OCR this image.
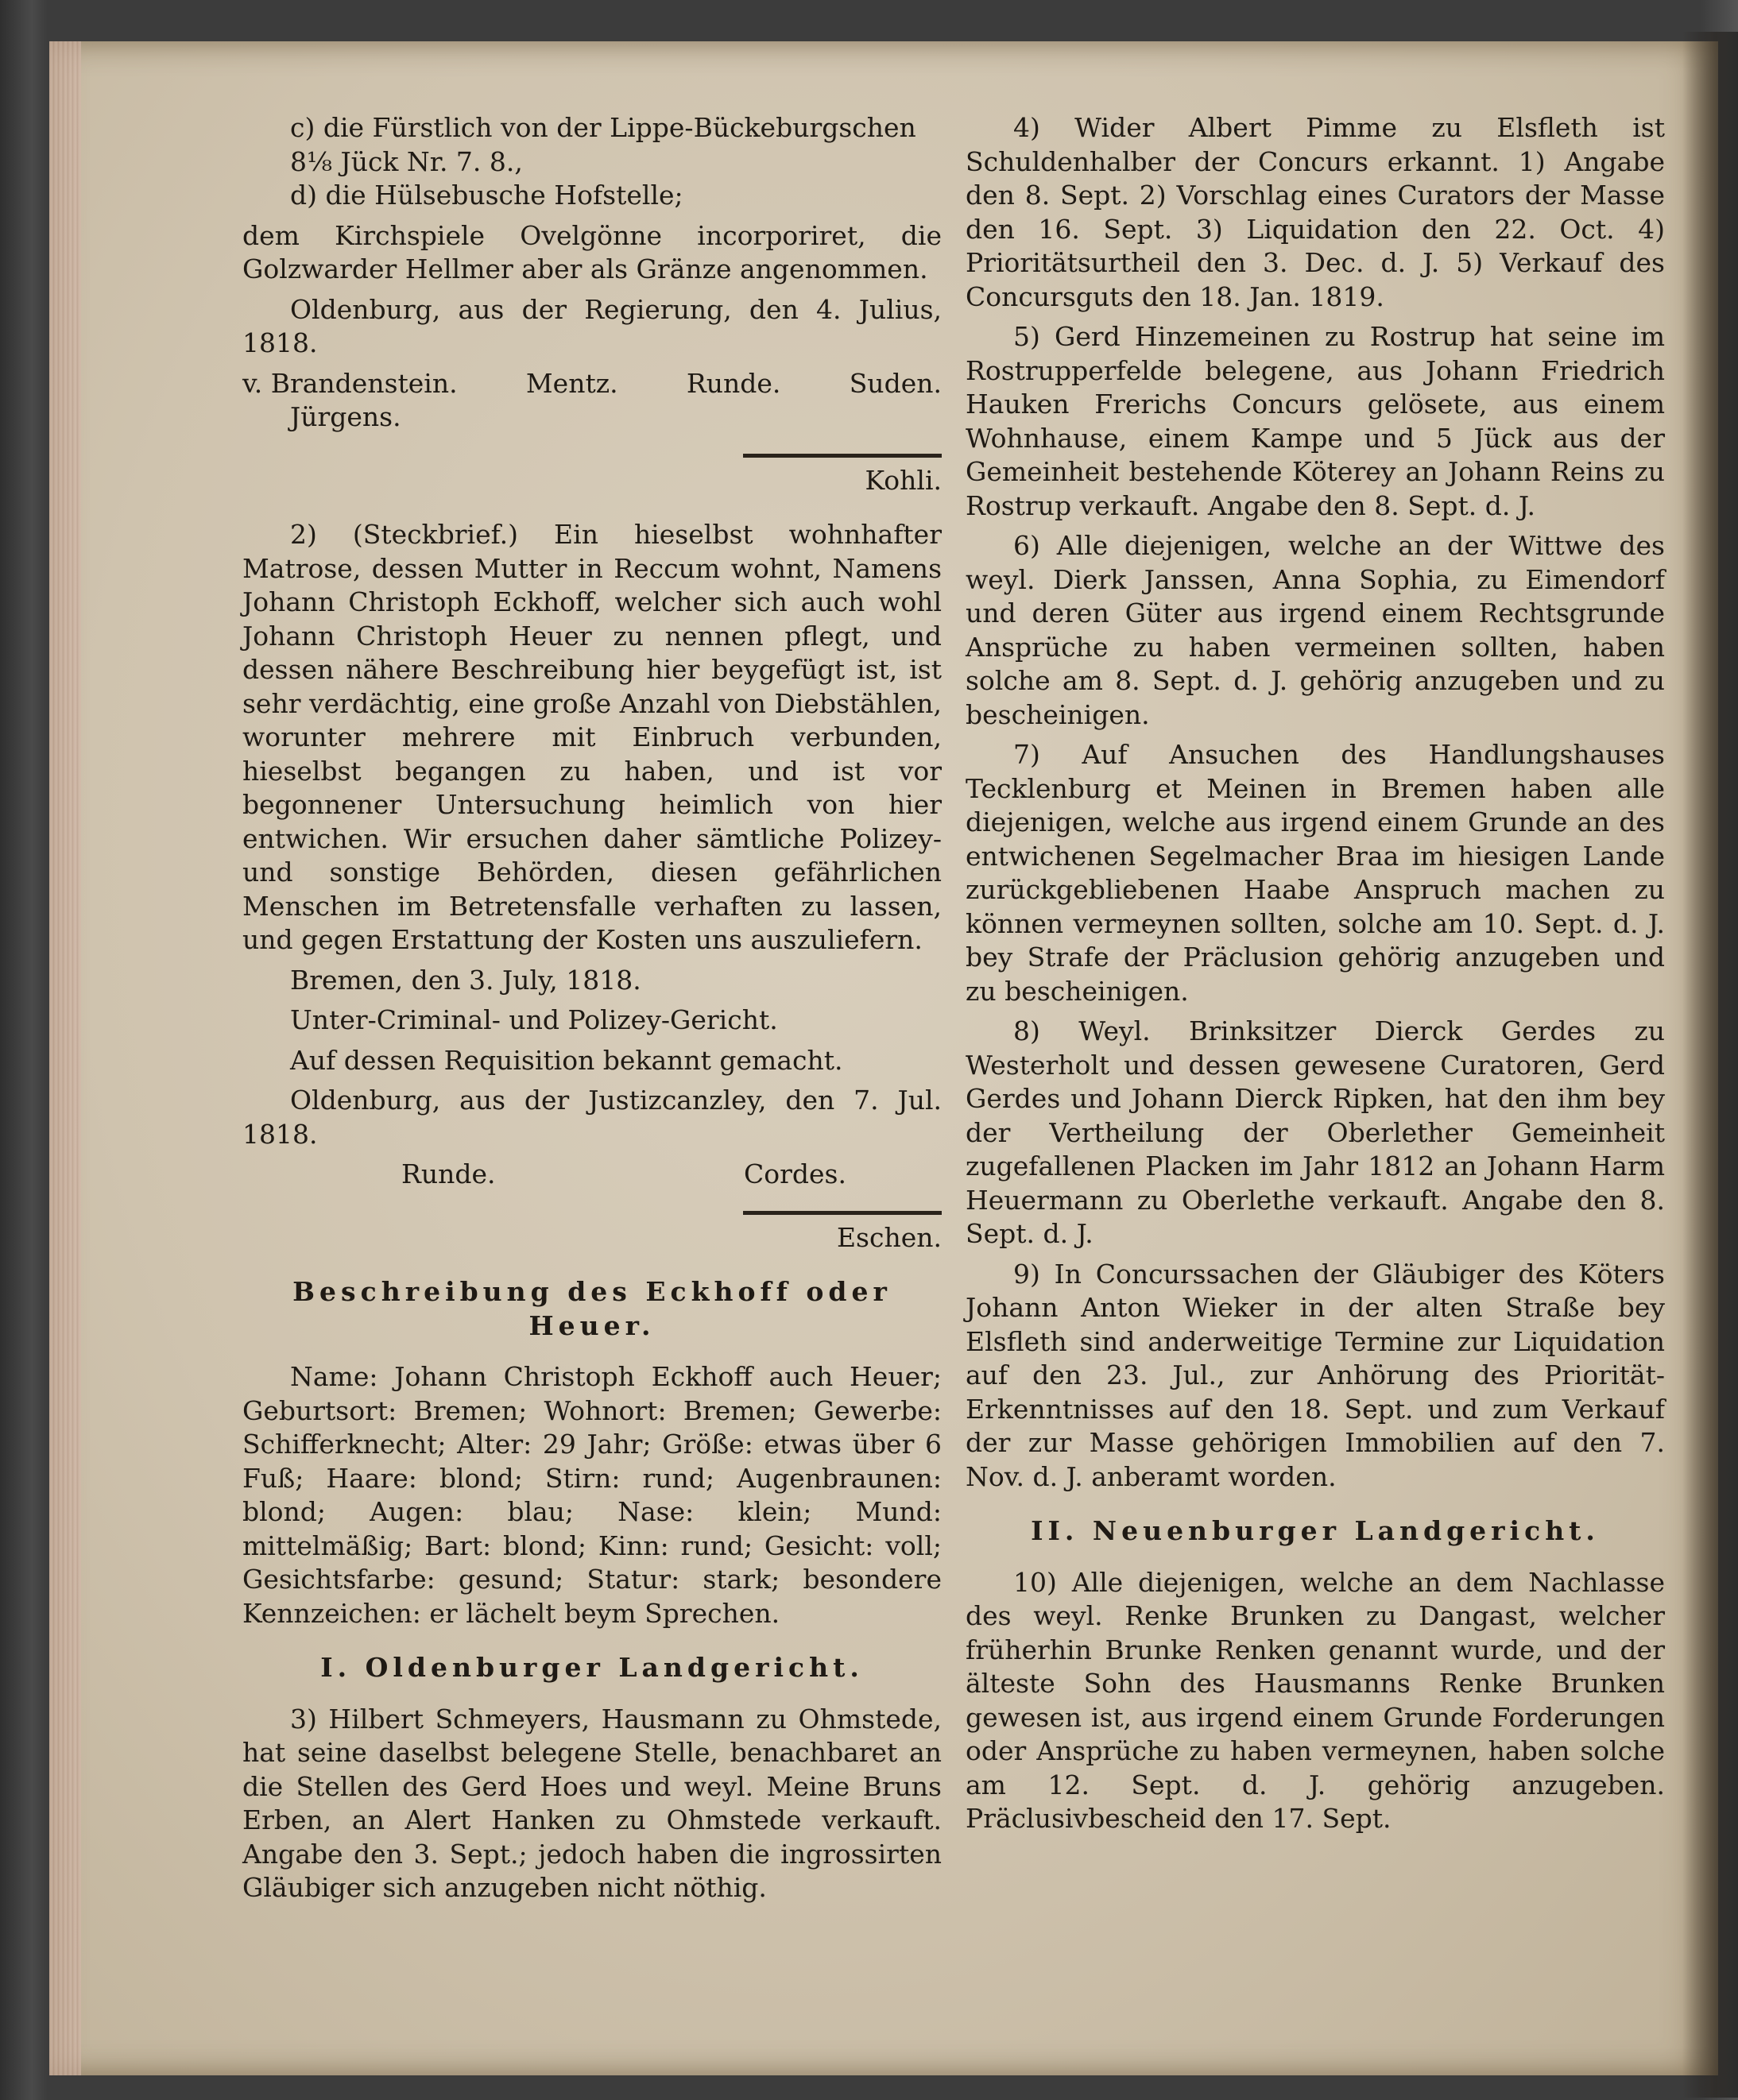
c) die Fürstlich von der Lippe-Bückeburgschen
8⅛ Jück Nr. 7. 8.,
d) die Hülsebusche Hofstelle;

dem Kirchspiele Ovelgönne incorporiret, die Golzwarder Hellmer aber als Gränze angenommen.

Oldenburg, aus der Regierung, den 4. Julius, 1818.

v. Brandenstein.	Mentz.	Runde.	Suden.

Jürgens.

Kohli.

2) (Steckbrief.) Ein hieselbst wohnhafter Matrose, dessen Mutter in Reccum wohnt, Namens Johann Christoph Eckhoff, welcher sich auch wohl Johann Christoph Heuer zu nennen pflegt, und dessen nähere Beschreibung hier beygefügt ist, ist sehr verdächtig, eine große Anzahl von Diebstählen, worunter mehrere mit Einbruch verbunden, hieselbst begangen zu haben, und ist vor begonnener Untersuchung heimlich von hier entwichen. Wir ersuchen daher sämtliche Polizey- und sonstige Behörden, diesen gefährlichen Menschen im Betretensfalle verhaften zu lassen, und gegen Erstattung der Kosten uns auszuliefern.

Bremen, den 3. July, 1818.

Unter-Criminal- und Polizey-Gericht.

Auf dessen Requisition bekannt gemacht.

Oldenburg, aus der Justizcanzley, den 7. Jul. 1818.

Runde.	Cordes.

Eschen.

Beschreibung des Eckhoff oder Heuer.

Name: Johann Christoph Eckhoff auch Heuer; Geburtsort: Bremen; Wohnort: Bremen; Gewerbe: Schifferknecht; Alter: 29 Jahr; Größe: etwas über 6 Fuß; Haare: blond; Stirn: rund; Augenbraunen: blond; Augen: blau; Nase: klein; Mund: mittelmäßig; Bart: blond; Kinn: rund; Gesicht: voll; Gesichtsfarbe: gesund; Statur: stark; besondere Kennzeichen: er lächelt beym Sprechen.

I. Oldenburger Landgericht.

3) Hilbert Schmeyers, Hausmann zu Ohmstede, hat seine daselbst belegene Stelle, benachbaret an die Stellen des Gerd Hoes und weyl. Meine Bruns Erben, an Alert Hanken zu Ohmstede verkauft. Angabe den 3. Sept.; jedoch haben die ingrossirten Gläubiger sich anzugeben nicht nöthig.

4) Wider Albert Pimme zu Elsfleth ist Schuldenhalber der Concurs erkannt. 1) Angabe den 8. Sept. 2) Vorschlag eines Curators der Masse den 16. Sept. 3) Liquidation den 22. Oct. 4) Prioritätsurtheil den 3. Dec. d. J. 5) Verkauf des Concursguts den 18. Jan. 1819.

5) Gerd Hinzemeinen zu Rostrup hat seine im Rostrupperfelde belegene, aus Johann Friedrich Hauken Frerichs Concurs gelösete, aus einem Wohnhause, einem Kampe und 5 Jück aus der Gemeinheit bestehende Köterey an Johann Reins zu Rostrup verkauft. Angabe den 8. Sept. d. J.

6) Alle diejenigen, welche an der Wittwe des weyl. Dierk Janssen, Anna Sophia, zu Eimendorf und deren Güter aus irgend einem Rechtsgrunde Ansprüche zu haben vermeinen sollten, haben solche am 8. Sept. d. J. gehörig anzugeben und zu bescheinigen.

7) Auf Ansuchen des Handlungshauses Tecklenburg et Meinen in Bremen haben alle diejenigen, welche aus irgend einem Grunde an des entwichenen Segelmacher Braa im hiesigen Lande zurückgebliebenen Haabe Anspruch machen zu können vermeynen sollten, solche am 10. Sept. d. J. bey Strafe der Präclusion gehörig anzugeben und zu bescheinigen.

8) Weyl. Brinksitzer Dierck Gerdes zu Westerholt und dessen gewesene Curatoren, Gerd Gerdes und Johann Dierck Ripken, hat den ihm bey der Vertheilung der Oberlether Gemeinheit zugefallenen Placken im Jahr 1812 an Johann Harm Heuermann zu Oberlethe verkauft. Angabe den 8. Sept. d. J.

9) In Concurssachen der Gläubiger des Köters Johann Anton Wieker in der alten Straße bey Elsfleth sind anderweitige Termine zur Liquidation auf den 23. Jul., zur Anhörung des Priorität-Erkenntnisses auf den 18. Sept. und zum Verkauf der zur Masse gehörigen Immobilien auf den 7. Nov. d. J. anberamt worden.

II. Neuenburger Landgericht.

10) Alle diejenigen, welche an dem Nachlasse des weyl. Renke Brunken zu Dangast, welcher früherhin Brunke Renken genannt wurde, und der älteste Sohn des Hausmanns Renke Brunken gewesen ist, aus irgend einem Grunde Forderungen oder Ansprüche zu haben vermeynen, haben solche am 12. Sept. d. J. gehörig anzugeben. Präclusivbescheid den 17. Sept.
